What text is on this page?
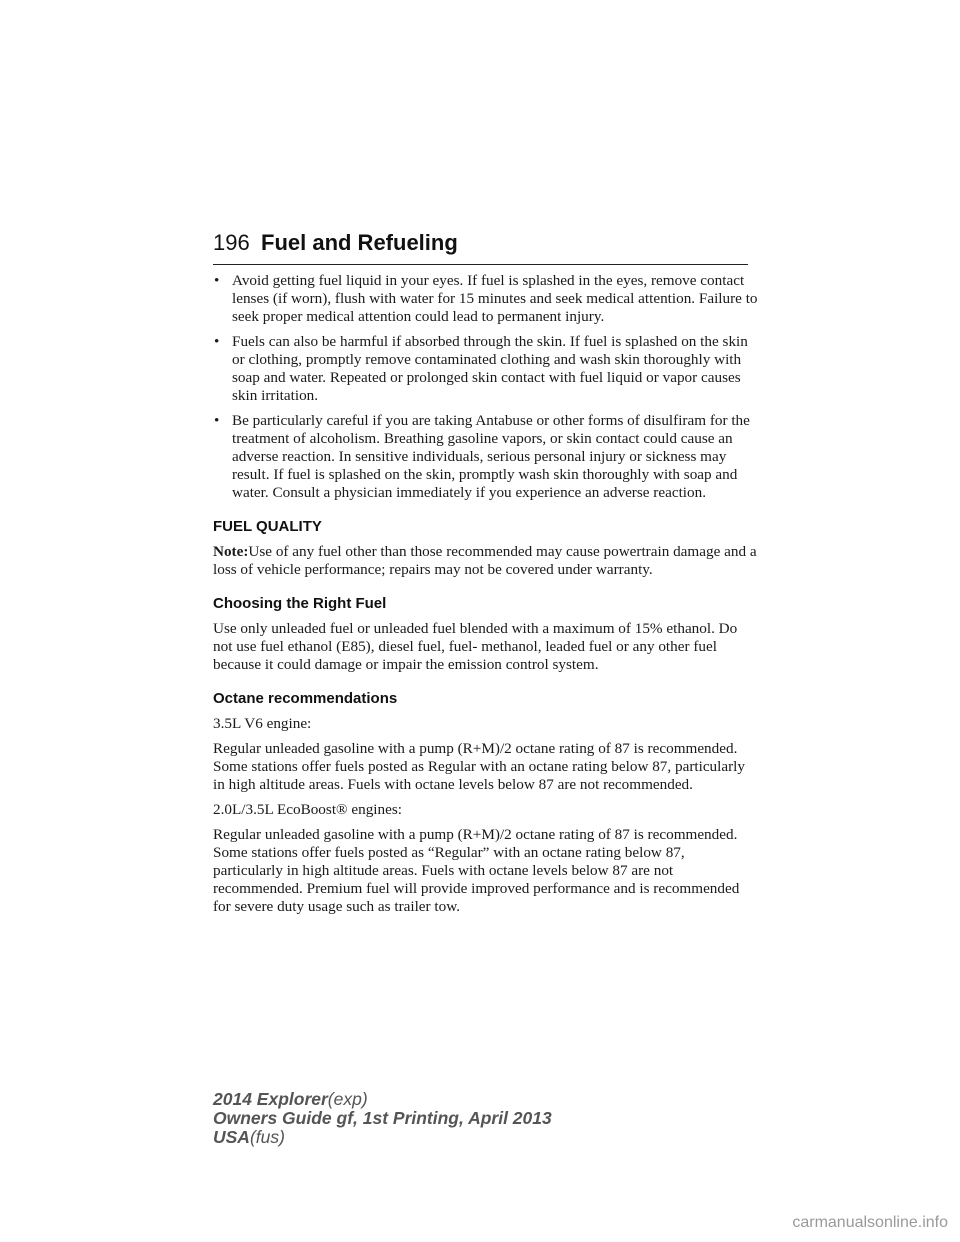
196 Fuel and Refueling
• Avoid getting fuel liquid in your eyes. If fuel is splashed in the eyes, remove contact lenses (if worn), flush with water for 15 minutes and seek medical attention. Failure to seek proper medical attention could lead to permanent injury.
• Fuels can also be harmful if absorbed through the skin. If fuel is splashed on the skin or clothing, promptly remove contaminated clothing and wash skin thoroughly with soap and water. Repeated or prolonged skin contact with fuel liquid or vapor causes skin irritation.
• Be particularly careful if you are taking Antabuse or other forms of disulfiram for the treatment of alcoholism. Breathing gasoline vapors, or skin contact could cause an adverse reaction. In sensitive individuals, serious personal injury or sickness may result. If fuel is splashed on the skin, promptly wash skin thoroughly with soap and water. Consult a physician immediately if you experience an adverse reaction.
FUEL QUALITY

Note:Use of any fuel other than those recommended may cause powertrain damage and a loss of vehicle performance; repairs may not be covered under warranty.

Choosing the Right Fuel

Use only unleaded fuel or unleaded fuel blended with a maximum of 15% ethanol. Do not use fuel ethanol (E85), diesel fuel, fuel- methanol, leaded fuel or any other fuel because it could damage or impair the emission control system.

Octane recommendations

3.5L V6 engine:

Regular unleaded gasoline with a pump (R+M)/2 octane rating of 87 is recommended. Some stations offer fuels posted as Regular with an octane rating below 87, particularly in high altitude areas. Fuels with octane levels below 87 are not recommended.

2.0L/3.5L EcoBoost® engines:

Regular unleaded gasoline with a pump (R+M)/2 octane rating of 87 is recommended. Some stations offer fuels posted as “Regular” with an octane rating below 87, particularly in high altitude areas. Fuels with octane levels below 87 are not recommended. Premium fuel will provide improved performance and is recommended for severe duty usage such as trailer tow.

2014 Explorer(exp)
Owners Guide gf, 1st Printing, April 2013
USA(fus)
carmanualsonline.info
